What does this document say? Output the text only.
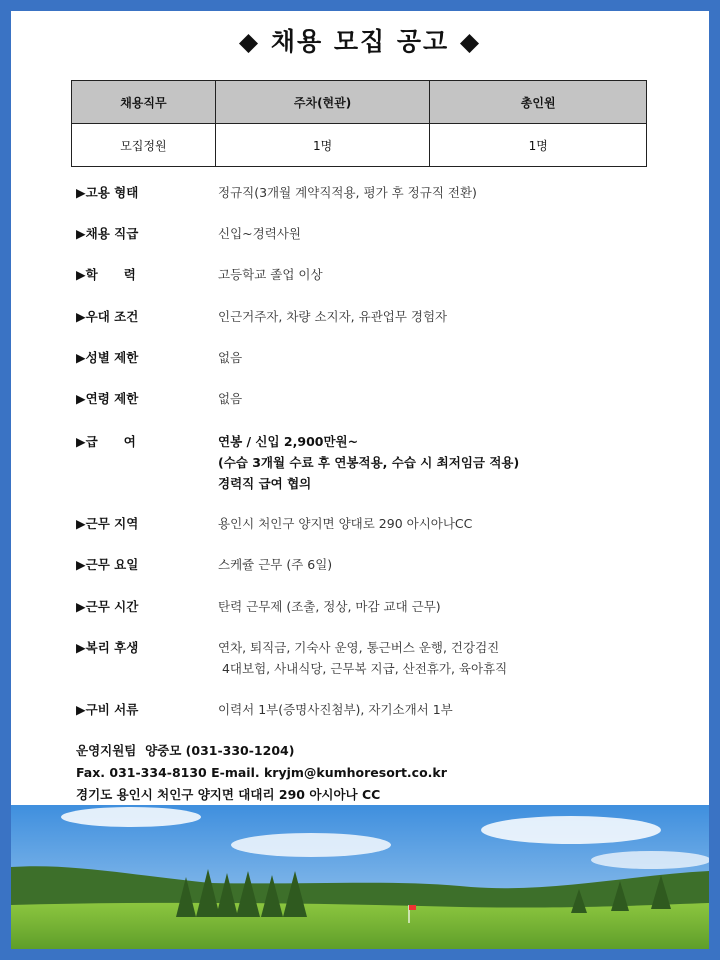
◆ 채용 모집 공고 ◆
채용직무	주차(현관)	총인원
모집정원	1명	1명
▶고용 형태	정규직(3개월 계약직적용, 평가 후 정규직 전환)
▶채용 직급	신입~경력사원
▶학      력	고등학교 졸업 이상
▶우대 조건	인근거주자, 차량 소지자, 유관업무 경험자
▶성별 제한	없음
▶연령 제한	없음
▶급      여	연봉 / 신입 2,900만원~
(수습 3개월 수료 후 연봉적용, 수습 시 최저임금 적용)
경력직 급여 협의
▶근무 지역	용인시 처인구 양지면 양대로 290 아시아나CC
▶근무 요일	스케쥴 근무 (주 6일)
▶근무 시간	탄력 근무제 (조출, 정상, 마감 교대 근무)
▶복리 후생	연차, 퇴직금, 기숙사 운영, 통근버스 운행, 건강검진
4대보험, 사내식당, 근무복 지급, 산전휴가, 육아휴직
▶구비 서류	이력서 1부(증명사진첨부), 자기소개서 1부
운영지원팀  양중모 (031-330-1204)
Fax. 031-334-8130 E-mail. kryjm@kumhoresort.co.kr
경기도 용인시 처인구 양지면 대대리 290 아시아나 CC
